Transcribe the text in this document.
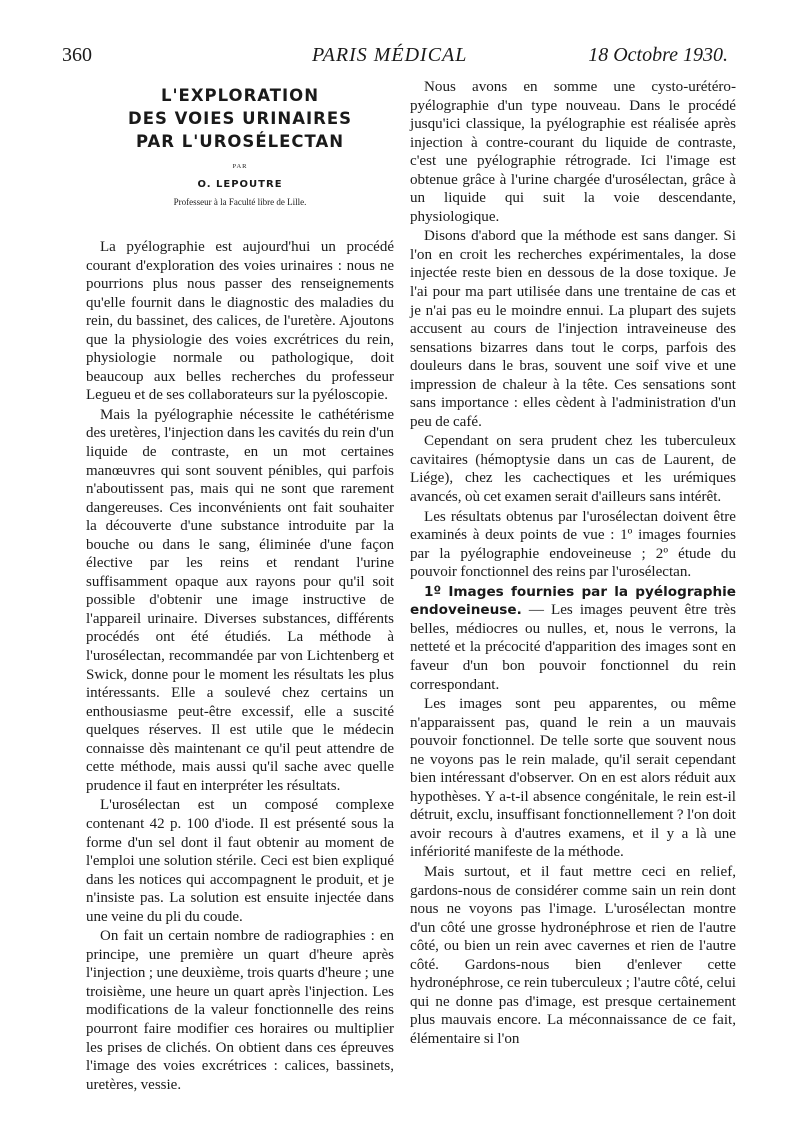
360	PARIS MÉDICAL	18 Octobre 1930.
L'EXPLORATION
DES VOIES URINAIRES
PAR L'UROSÉLECTAN
PAR
O. LEPOUTRE
Professeur à la Faculté libre de Lille.

La pyélographie est aujourd'hui un procédé courant d'exploration des voies urinaires : nous ne pourrions plus nous passer des renseignements qu'elle fournit dans le diagnostic des maladies du rein, du bassinet, des calices, de l'uretère. Ajoutons que la physiologie des voies excrétrices du rein, physiologie normale ou pathologique, doit beaucoup aux belles recherches du professeur Legueu et de ses collaborateurs sur la pyéloscopie.

Mais la pyélographie nécessite le cathétérisme des uretères, l'injection dans les cavités du rein d'un liquide de contraste, en un mot certaines manœuvres qui sont souvent pénibles, qui parfois n'aboutissent pas, mais qui ne sont que rarement dangereuses. Ces inconvénients ont fait souhaiter la découverte d'une substance introduite par la bouche ou dans le sang, éliminée d'une façon élective par les reins et rendant l'urine suffisamment opaque aux rayons pour qu'il soit possible d'obtenir une image instructive de l'appareil urinaire. Diverses substances, différents procédés ont été étudiés. La méthode à l'urosélectan, recommandée par von Lichtenberg et Swick, donne pour le moment les résultats les plus intéressants. Elle a soulevé chez certains un enthousiasme peut-être excessif, elle a suscité quelques réserves. Il est utile que le médecin connaisse dès maintenant ce qu'il peut attendre de cette méthode, mais aussi qu'il sache avec quelle prudence il faut en interpréter les résultats.

L'urosélectan est un composé complexe contenant 42 p. 100 d'iode. Il est présenté sous la forme d'un sel dont il faut obtenir au moment de l'emploi une solution stérile. Ceci est bien expliqué dans les notices qui accompagnent le produit, et je n'insiste pas. La solution est ensuite injectée dans une veine du pli du coude.

On fait un certain nombre de radiographies : en principe, une première un quart d'heure après l'injection ; une deuxième, trois quarts d'heure ; une troisième, une heure un quart après l'injection. Les modifications de la valeur fonctionnelle des reins pourront faire modifier ces horaires ou multiplier les prises de clichés. On obtient dans ces épreuves l'image des voies excrétrices : calices, bassinets, uretères, vessie.

Nous avons en somme une cysto-urétéro-pyélographie d'un type nouveau. Dans le procédé jusqu'ici classique, la pyélographie est réalisée après injection à contre-courant du liquide de contraste, c'est une pyélographie rétrograde. Ici l'image est obtenue grâce à l'urine chargée d'urosélectan, grâce à un liquide qui suit la voie descendante, physiologique.

Disons d'abord que la méthode est sans danger. Si l'on en croit les recherches expérimentales, la dose injectée reste bien en dessous de la dose toxique. Je l'ai pour ma part utilisée dans une trentaine de cas et je n'ai pas eu le moindre ennui. La plupart des sujets accusent au cours de l'injection intraveineuse des sensations bizarres dans tout le corps, parfois des douleurs dans le bras, souvent une soif vive et une impression de chaleur à la tête. Ces sensations sont sans importance : elles cèdent à l'administration d'un peu de café.

Cependant on sera prudent chez les tuberculeux cavitaires (hémoptysie dans un cas de Laurent, de Liége), chez les cachectiques et les urémiques avancés, où cet examen serait d'ailleurs sans intérêt.

Les résultats obtenus par l'urosélectan doivent être examinés à deux points de vue : 1º images fournies par la pyélographie endoveineuse ; 2º étude du pouvoir fonctionnel des reins par l'urosélectan.

1º Images fournies par la pyélographie endoveineuse. — Les images peuvent être très belles, médiocres ou nulles, et, nous le verrons, la netteté et la précocité d'apparition des images sont en faveur d'un bon pouvoir fonctionnel du rein correspondant.

Les images sont peu apparentes, ou même n'apparaissent pas, quand le rein a un mauvais pouvoir fonctionnel. De telle sorte que souvent nous ne voyons pas le rein malade, qu'il serait cependant bien intéressant d'observer. On en est alors réduit aux hypothèses. Y a-t-il absence congénitale, le rein est-il détruit, exclu, insuffisant fonctionnellement ? l'on doit avoir recours à d'autres examens, et il y a là une infériorité manifeste de la méthode.

Mais surtout, et il faut mettre ceci en relief, gardons-nous de considérer comme sain un rein dont nous ne voyons pas l'image. L'urosélectan montre d'un côté une grosse hydronéphrose et rien de l'autre côté, ou bien un rein avec cavernes et rien de l'autre côté. Gardons-nous bien d'enlever cette hydronéphrose, ce rein tuberculeux ; l'autre côté, celui qui ne donne pas d'image, est presque certainement plus mauvais encore. La méconnaissance de ce fait, élémentaire si l'on
